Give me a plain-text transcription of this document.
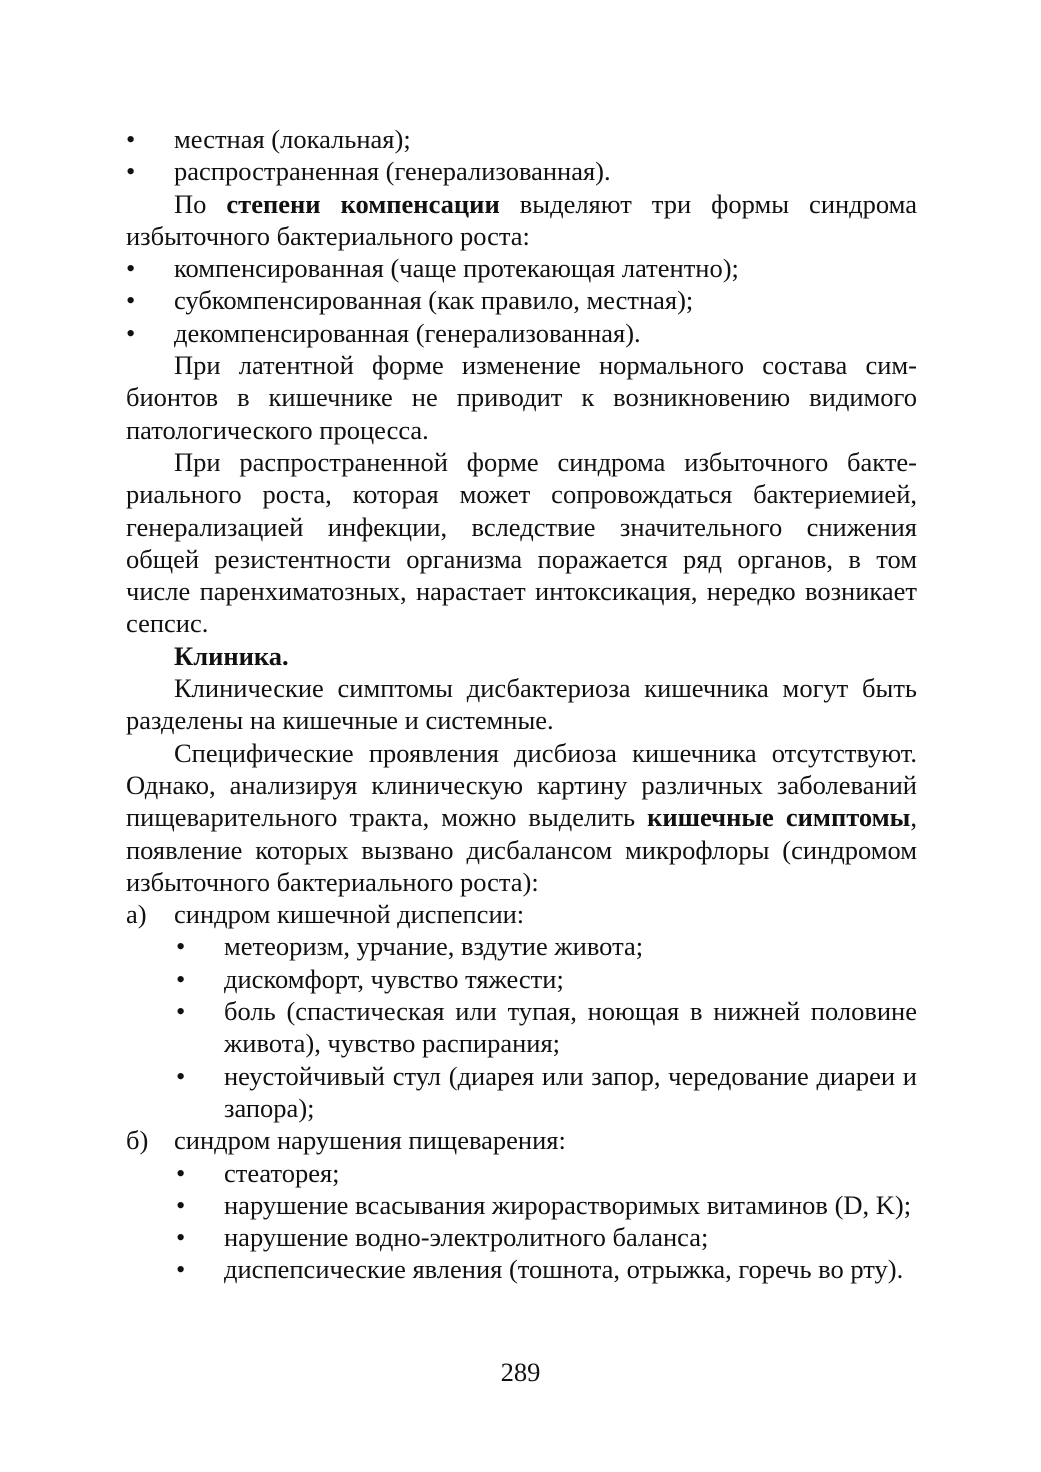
• местная (локальная);
• распространенная (генерализованная).

По степени компенсации выделяют три формы синдрома избыточного бактериального роста:

• компенсированная (чаще протекающая латентно);
• субкомпенсированная (как правило, местная);
• декомпенсированная (генерализованная).

При латентной форме изменение нормального состава симбионтов в кишечнике не приводит к возникновению видимого патологического процесса.

При распространенной форме синдрома избыточного бактериального роста, которая может сопровождаться бактериемией, генерализацией инфекции, вследствие значительного снижения общей резистентности организма поражается ряд органов, в том числе паренхиматозных, нарастает интоксикация, нередко возникает сепсис.

Клиника.

Клинические симптомы дисбактериоза кишечника могут быть разделены на кишечные и системные.

Специфические проявления дисбиоза кишечника отсутствуют. Однако, анализируя клиническую картину различных заболеваний пищеварительного тракта, можно выделить кишечные симптомы, появление которых вызвано дисбалансом микрофлоры (синдромом избыточного бактериального роста):

а) синдром кишечной диспепсии:
• метеоризм, урчание, вздутие живота;
• дискомфорт, чувство тяжести;
• боль (спастическая или тупая, ноющая в нижней половине живота), чувство распирания;
• неустойчивый стул (диарея или запор, чередование диареи и запора);
б) синдром нарушения пищеварения:
• стеаторея;
• нарушение всасывания жирорастворимых витаминов (D, K);
• нарушение водно-электролитного баланса;
• диспепсические явления (тошнота, отрыжка, горечь во рту).
289
